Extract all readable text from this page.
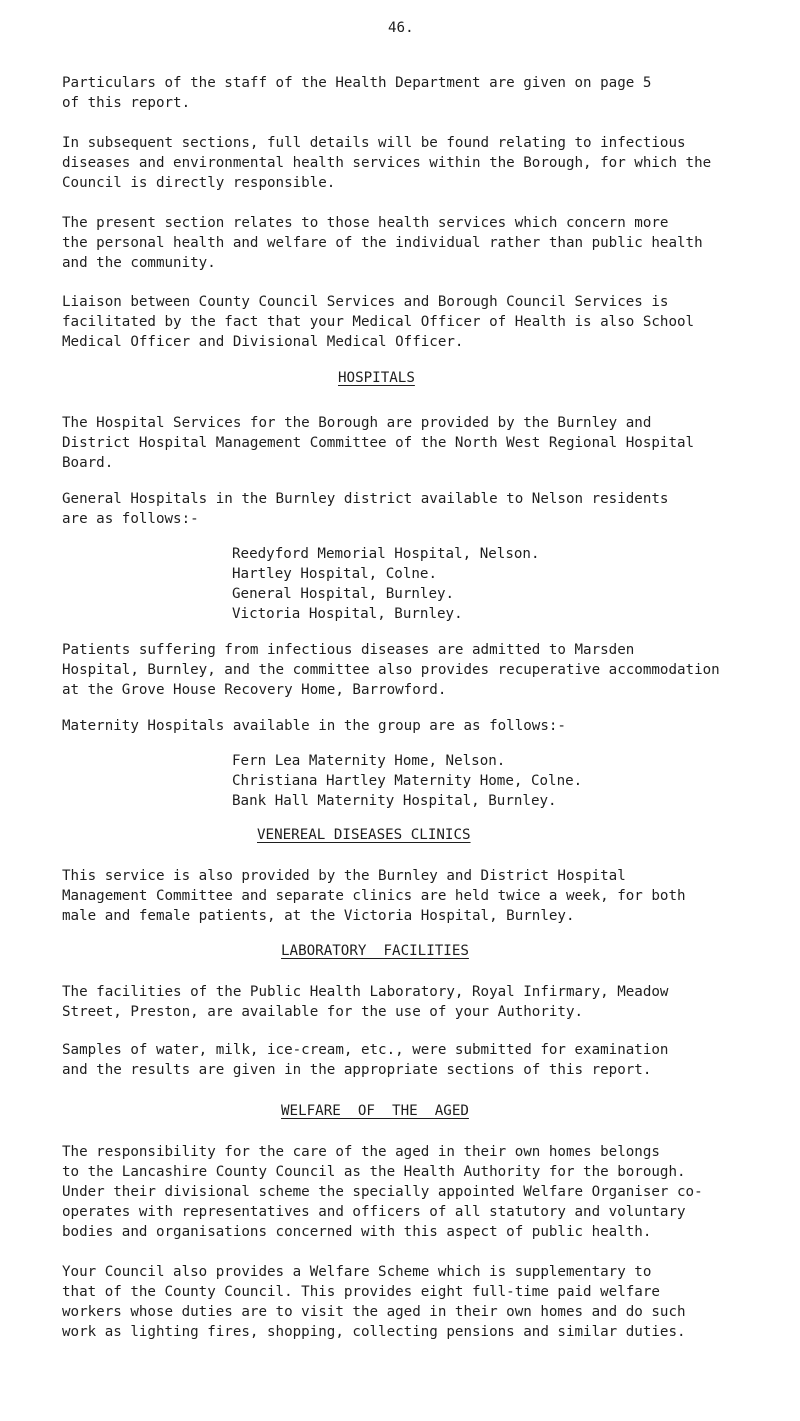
46.

Particulars of the staff of the Health Department are given on page 5
of this report.

In subsequent sections, full details will be found relating to infectious
diseases and environmental health services within the Borough, for which the
Council is directly responsible.

The present section relates to those health services which concern more
the personal health and welfare of the individual rather than public health
and the community.

Liaison between County Council Services and Borough Council Services is
facilitated by the fact that your Medical Officer of Health is also School
Medical Officer and Divisional Medical Officer.

HOSPITALS

The Hospital Services for the Borough are provided by the Burnley and
District Hospital Management Committee of the North West Regional Hospital
Board.

General Hospitals in the Burnley district available to Nelson residents
are as follows:-

Reedyford Memorial Hospital, Nelson.
Hartley Hospital, Colne.
General Hospital, Burnley.
Victoria Hospital, Burnley.

Patients suffering from infectious diseases are admitted to Marsden
Hospital, Burnley, and the committee also provides recuperative accommodation
at the Grove House Recovery Home, Barrowford.

Maternity Hospitals available in the group are as follows:-

Fern Lea Maternity Home, Nelson.
Christiana Hartley Maternity Home, Colne.
Bank Hall Maternity Hospital, Burnley.
VENEREAL DISEASES CLINICS

This service is also provided by the Burnley and District Hospital
Management Committee and separate clinics are held twice a week, for both
male and female patients, at the Victoria Hospital, Burnley.

LABORATORY  FACILITIES

The facilities of the Public Health Laboratory, Royal Infirmary, Meadow
Street, Preston, are available for the use of your Authority.

Samples of water, milk, ice-cream, etc., were submitted for examination
and the results are given in the appropriate sections of this report.

WELFARE  OF  THE  AGED

The responsibility for the care of the aged in their own homes belongs
to the Lancashire County Council as the Health Authority for the borough.
Under their divisional scheme the specially appointed Welfare Organiser co-
operates with representatives and officers of all statutory and voluntary
bodies and organisations concerned with this aspect of public health.

Your Council also provides a Welfare Scheme which is supplementary to
that of the County Council. This provides eight full-time paid welfare
workers whose duties are to visit the aged in their own homes and do such
work as lighting fires, shopping, collecting pensions and similar duties.
